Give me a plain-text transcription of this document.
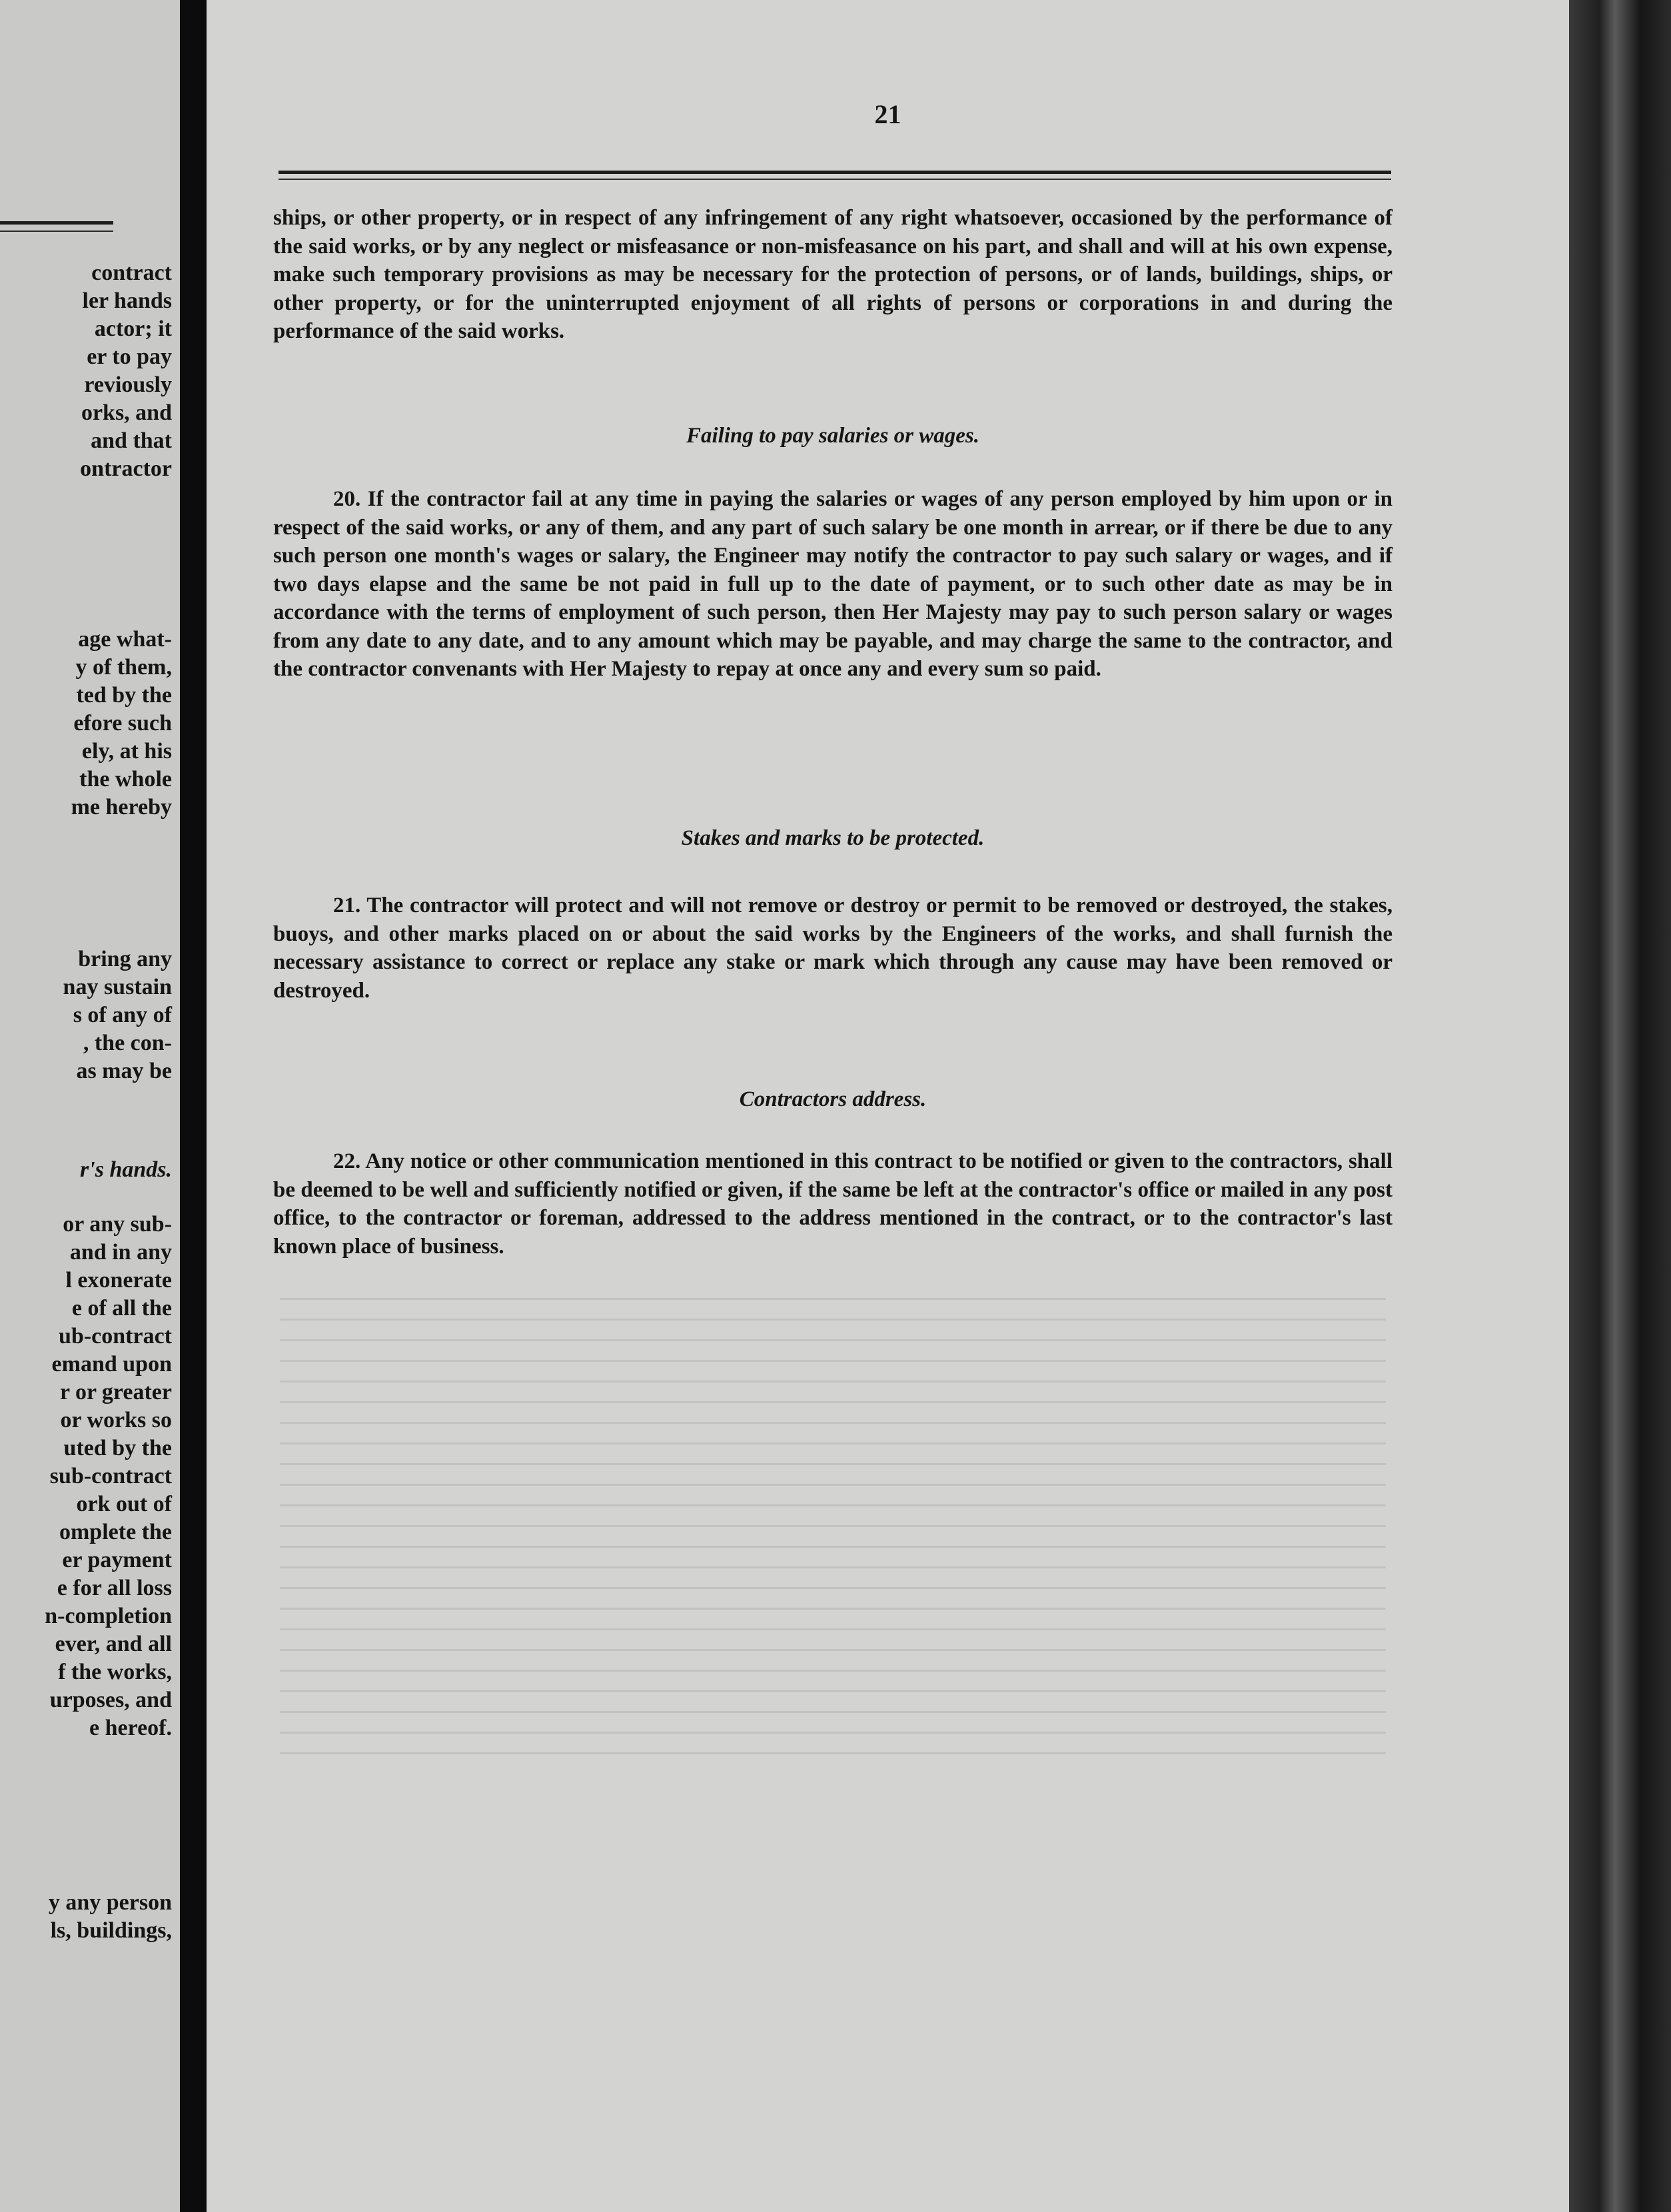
contract
ler hands
actor; it
er to pay
reviously
orks, and
and that
ontractor
age what-
y of them,
ted by the
efore such
ely, at his
the whole
me hereby
bring any
nay sustain
s of any of
, the con-
as may be
r's hands.
or any sub-
and in any
l exonerate
e of all the
ub-contract
emand upon
r or greater
or works so
uted by the
sub-contract
ork out of
omplete the
er payment
e for all loss
n-completion
ever, and all
f the works,
urposes, and
e hereof.
y any person
ls, buildings,
21

ships, or other property, or in respect of any infringement of any right whatsoever, occasioned by the performance of the said works, or by any neglect or misfeasance or non-misfeasance on his part, and shall and will at his own expense, make such temporary provisions as may be necessary for the protection of persons, or of lands, buildings, ships, or other property, or for the uninterrupted enjoyment of all rights of persons or corporations in and during the performance of the said works.

Failing to pay salaries or wages.

20. If the contractor fail at any time in paying the salaries or wages of any person employed by him upon or in respect of the said works, or any of them, and any part of such salary be one month in arrear, or if there be due to any such person one month's wages or salary, the Engineer may notify the contractor to pay such salary or wages, and if two days elapse and the same be not paid in full up to the date of payment, or to such other date as may be in accordance with the terms of employment of such person, then Her Majesty may pay to such person salary or wages from any date to any date, and to any amount which may be payable, and may charge the same to the contractor, and the contractor convenants with Her Majesty to repay at once any and every sum so paid.

Stakes and marks to be protected.

21. The contractor will protect and will not remove or destroy or permit to be removed or destroyed, the stakes, buoys, and other marks placed on or about the said works by the Engineers of the works, and shall furnish the necessary assistance to correct or replace any stake or mark which through any cause may have been removed or destroyed.

Contractors address.

22. Any notice or other communication mentioned in this contract to be notified or given to the contractors, shall be deemed to be well and sufficiently notified or given, if the same be left at the contractor's office or mailed in any post office, to the contractor or foreman, addressed to the address mentioned in the contract, or to the contractor's last known place of business.
